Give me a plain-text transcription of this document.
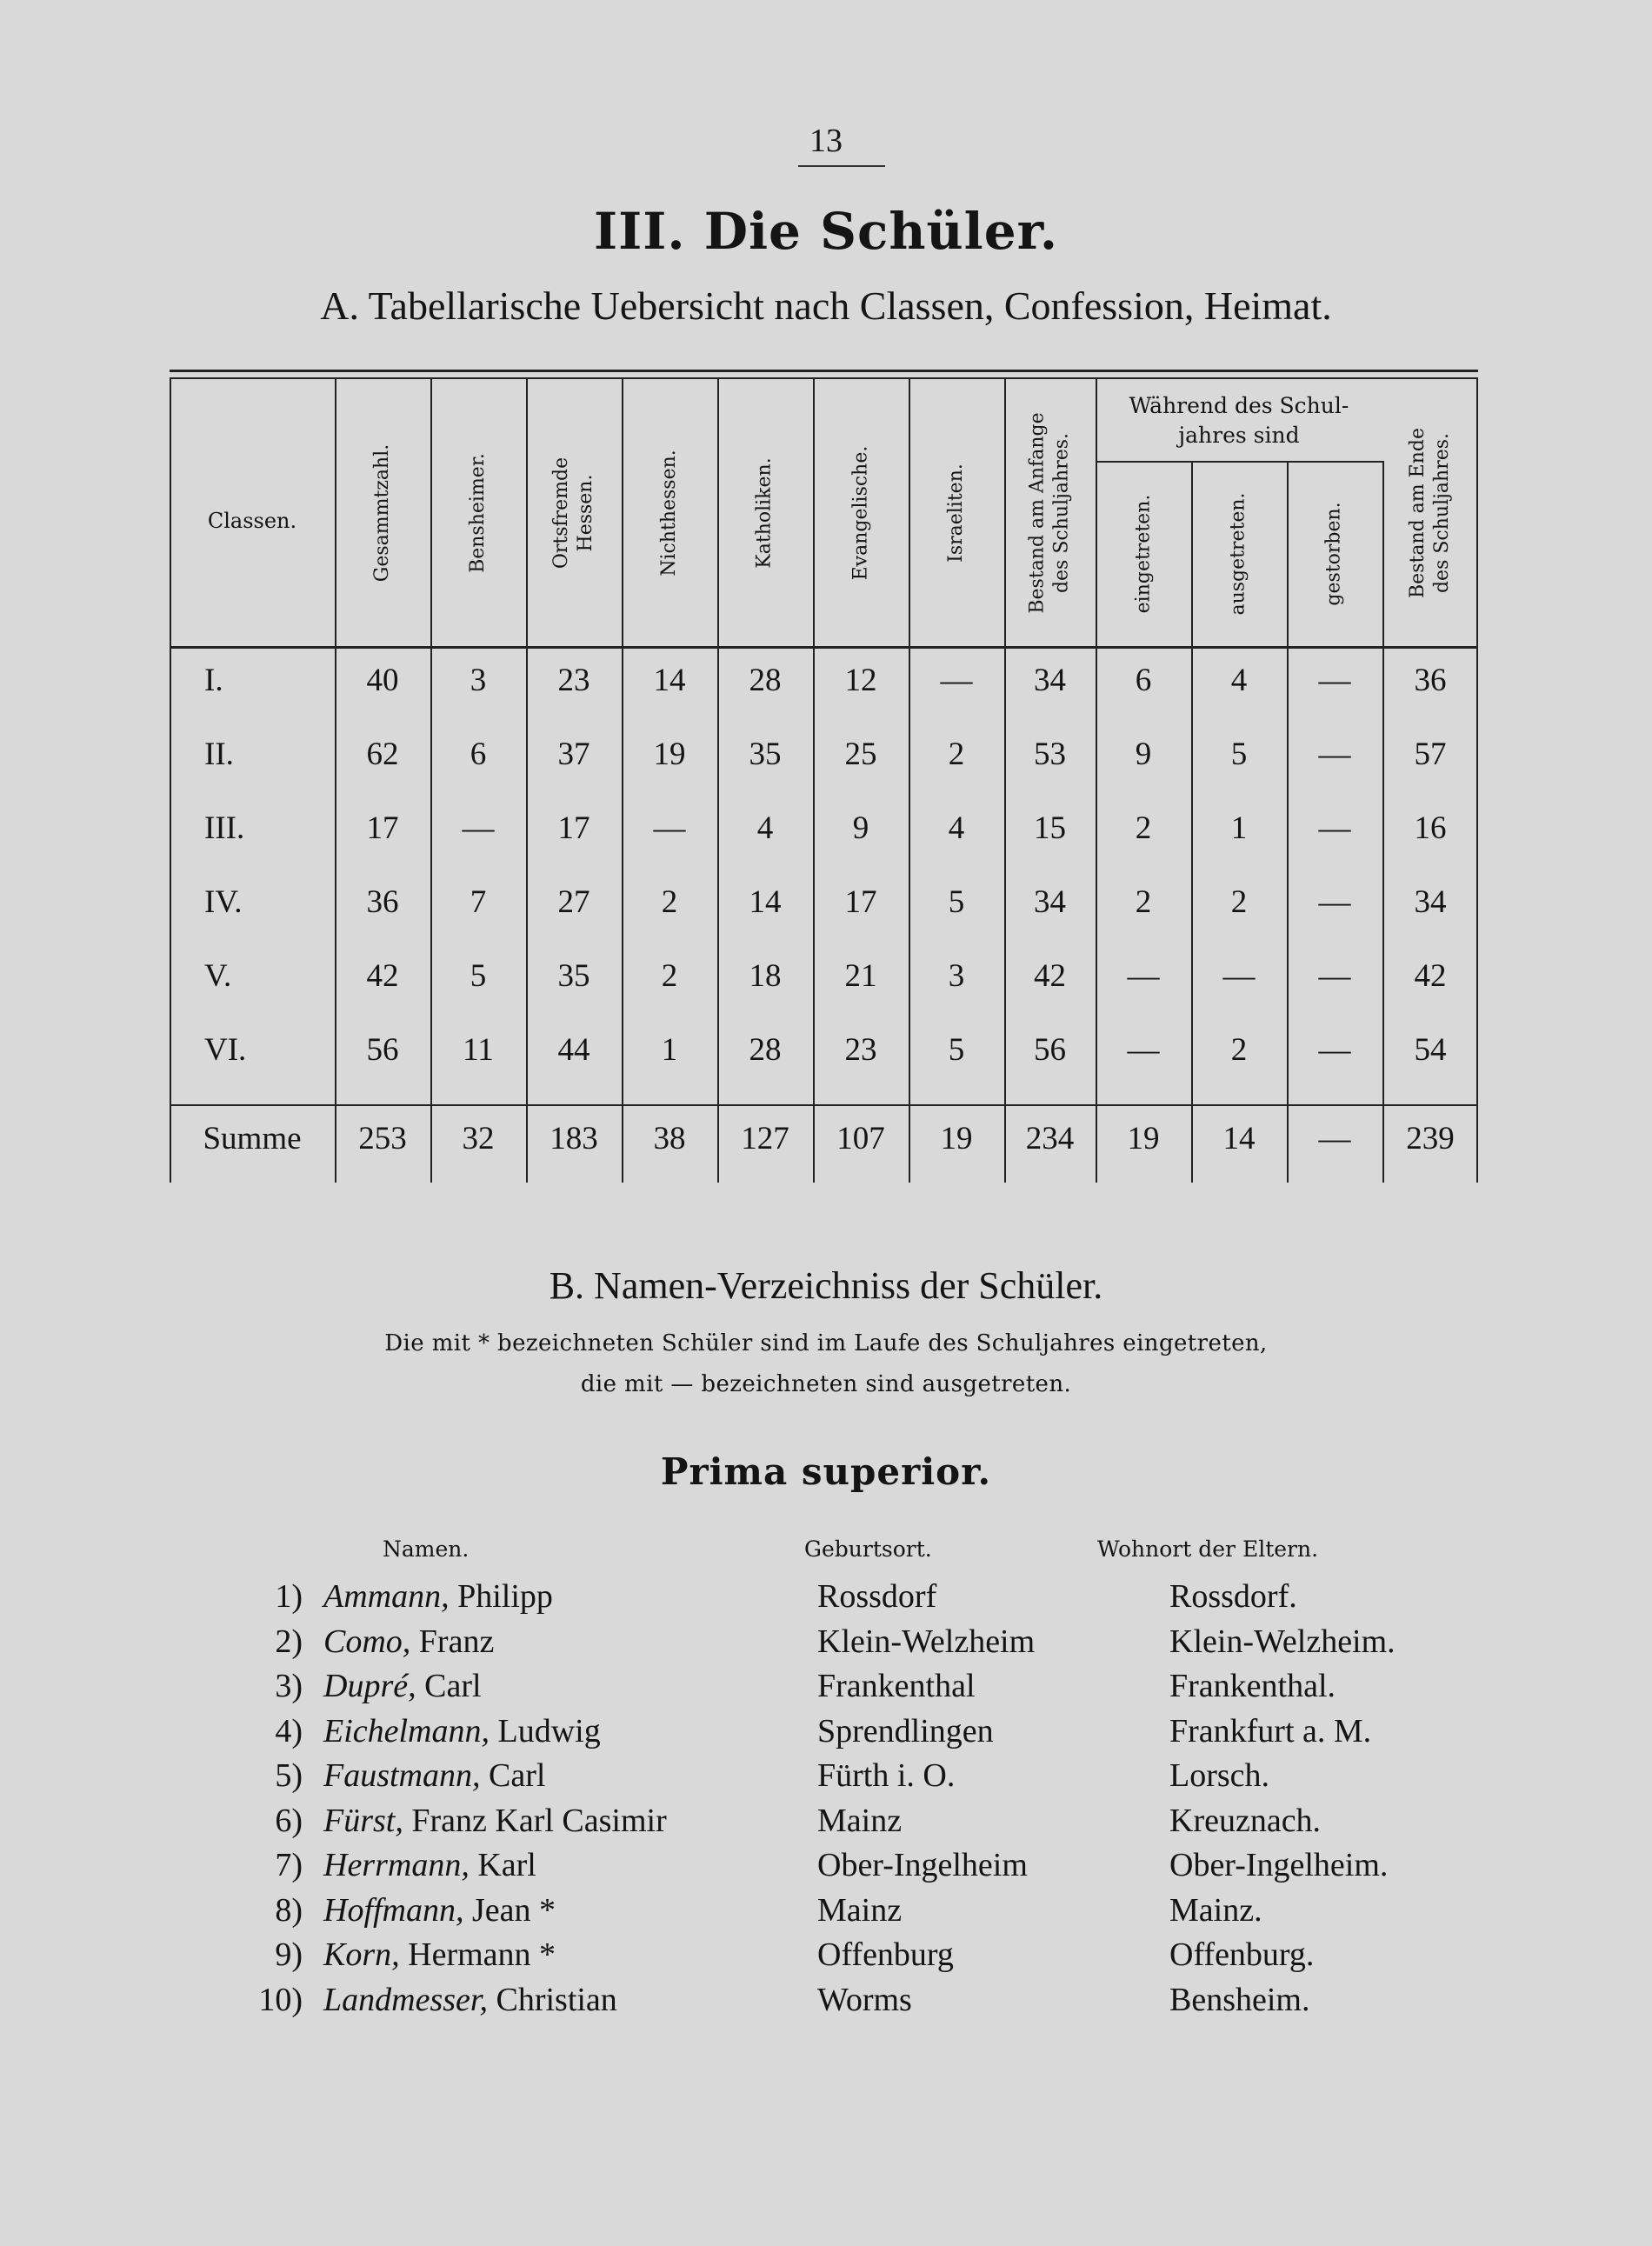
13
III. Die Schüler.
A. Tabellarische Uebersicht nach Classen, Confession, Heimat.
Classen.
Während des Schul-
jahres sind
Gesammtzahl.	Bensheimer.	Ortsfremde Hessen.	Nichthessen.	Katholiken.	Evangelische.	Israeliten.	Bestand am Anfange des Schuljahres.	eingetreten.	ausgetreten.	gestorben.	Bestand am Ende des Schuljahres.
I.	40	3	23	14	28	12	—	34	6	4	—	36
II.	62	6	37	19	35	25	2	53	9	5	—	57
III.	17	—	17	—	4	9	4	15	2	1	—	16
IV.	36	7	27	2	14	17	5	34	2	2	—	34
V.	42	5	35	2	18	21	3	42	—	—	—	42
VI.	56	11	44	1	28	23	5	56	—	2	—	54
Summe	253	32	183	38	127	107	19	234	19	14	—	239
B. Namen-Verzeichniss der Schüler.
Die mit * bezeichneten Schüler sind im Laufe des Schuljahres eingetreten,
die mit — bezeichneten sind ausgetreten.
Prima superior.
Namen.	Geburtsort.	Wohnort der Eltern.
1) Ammann, Philipp	Rossdorf	Rossdorf.
2) Como, Franz	Klein-Welzheim	Klein-Welzheim.
3) Dupré, Carl	Frankenthal	Frankenthal.
4) Eichelmann, Ludwig	Sprendlingen	Frankfurt a. M.
5) Faustmann, Carl	Fürth i. O.	Lorsch.
6) Fürst, Franz Karl Casimir	Mainz	Kreuznach.
7) Herrmann, Karl	Ober-Ingelheim	Ober-Ingelheim.
8) Hoffmann, Jean *	Mainz	Mainz.
9) Korn, Hermann *	Offenburg	Offenburg.
10) Landmesser, Christian	Worms	Bensheim.
